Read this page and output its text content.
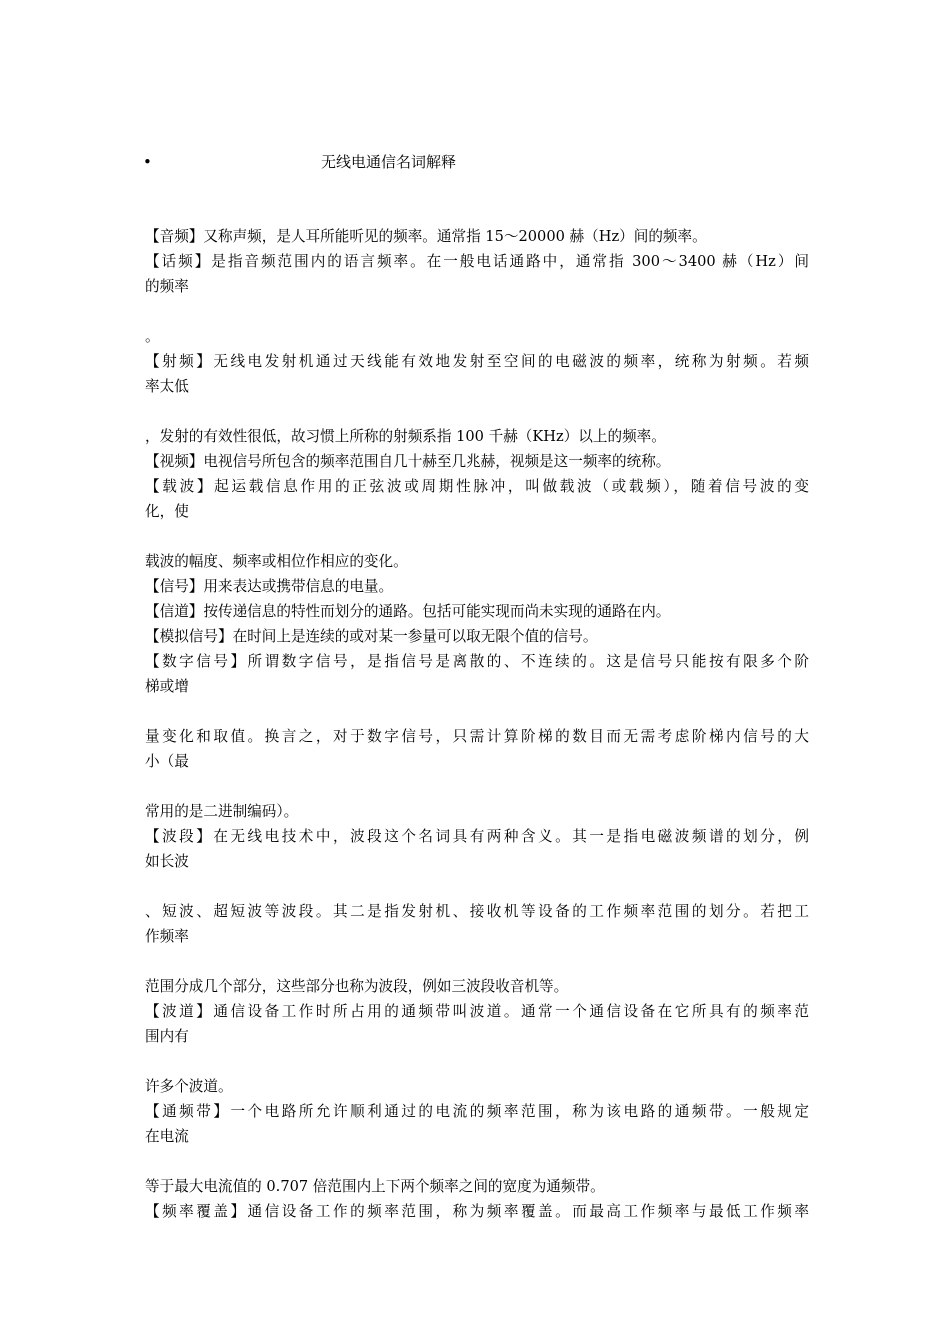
•	无线电通信名词解释
【音频】又称声频，是人耳所能听见的频率。通常指 15～20000 赫（Hz）间的频率。
【话频】是指音频范围内的语言频率。在一般电话通路中，通常指 300～3400 赫（Hz）间
的频率
。
【射频】无线电发射机通过天线能有效地发射至空间的电磁波的频率，统称为射频。若频
率太低
，发射的有效性很低，故习惯上所称的射频系指 100 千赫（KHz）以上的频率。
【视频】电视信号所包含的频率范围自几十赫至几兆赫，视频是这一频率的统称。
【载波】起运载信息作用的正弦波或周期性脉冲，叫做载波（或载频），随着信号波的变
化，使
载波的幅度、频率或相位作相应的变化。
【信号】用来表达或携带信息的电量。
【信道】按传递信息的特性而划分的通路。包括可能实现而尚未实现的通路在内。
【模拟信号】在时间上是连续的或对某一参量可以取无限个值的信号。
【数字信号】所谓数字信号，是指信号是离散的、不连续的。这是信号只能按有限多个阶
梯或增
量变化和取值。换言之，对于数字信号，只需计算阶梯的数目而无需考虑阶梯内信号的大
小（最
常用的是二进制编码）。
【波段】在无线电技术中，波段这个名词具有两种含义。其一是指电磁波频谱的划分，例
如长波
、短波、超短波等波段。其二是指发射机、接收机等设备的工作频率范围的划分。若把工
作频率
范围分成几个部分，这些部分也称为波段，例如三波段收音机等。
【波道】通信设备工作时所占用的通频带叫波道。通常一个通信设备在它所具有的频率范
围内有
许多个波道。
【通频带】一个电路所允许顺利通过的电流的频率范围，称为该电路的通频带。一般规定
在电流
等于最大电流值的 0.707 倍范围内上下两个频率之间的宽度为通频带。
【频率覆盖】通信设备工作的频率范围，称为频率覆盖。而最高工作频率与最低工作频率
